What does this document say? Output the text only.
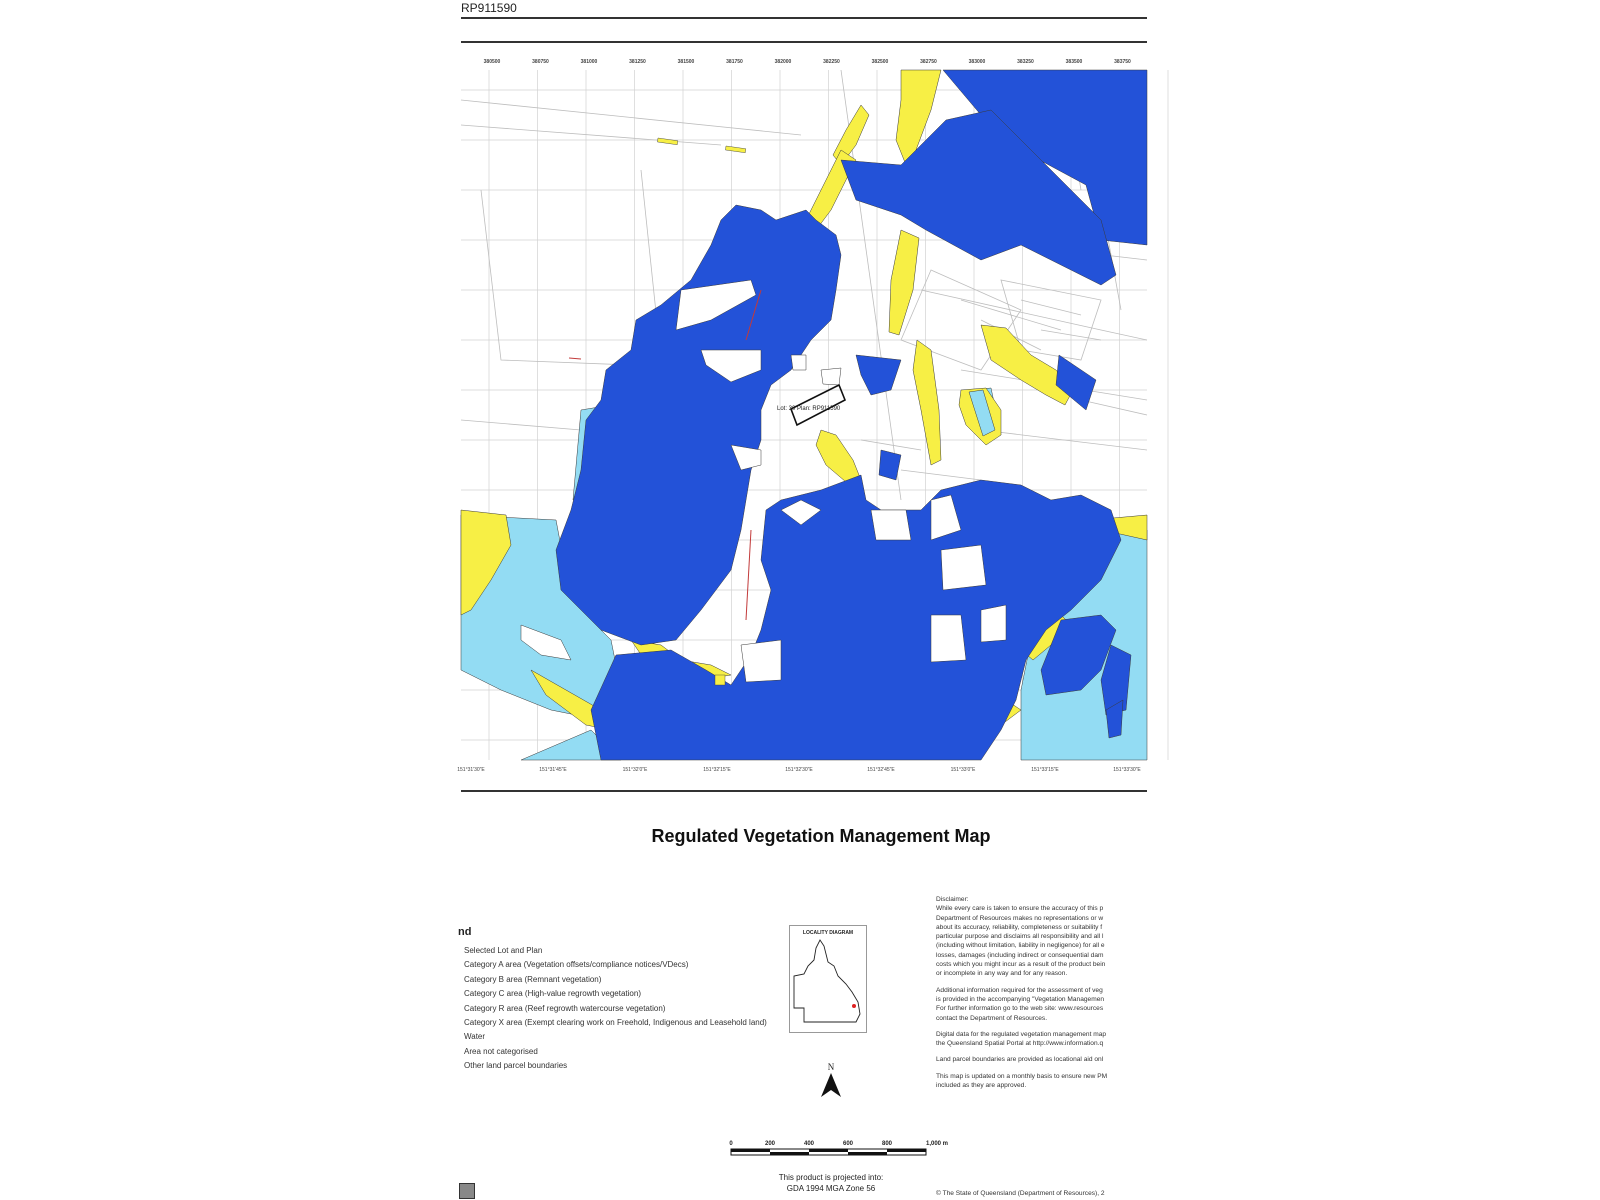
RP911590
380500	380750	381000	381250	381500	381750	382000	382250	382500	382750	383000	383250	383500	383750
Lot: 30 Plan: RP911590
151°31'30"E	151°31'45"E	151°32'0"E	151°32'15"E	151°32'30"E	151°32'45"E	151°33'0"E	151°33'15"E	151°33'30"E
Regulated Vegetation Management Map
nd
Selected Lot and Plan
Category A area (Vegetation offsets/compliance notices/VDecs)
Category B area (Remnant vegetation)
Category C area (High-value regrowth vegetation)
Category R area (Reef regrowth watercourse vegetation)
Category X area (Exempt clearing work on Freehold, Indigenous and Leasehold land)
Water
Area not categorised
Other land parcel boundaries
LOCALITY DIAGRAM
N
0	200	400	600	800	1,000 m
This product is projected into:
GDA 1994 MGA Zone 56

Disclaimer:
While every care is taken to ensure the accuracy of this p
Department of Resources makes no representations or w
about its accuracy, reliability, completeness or suitability f
particular purpose and disclaims all responsibility and all l
(including without limitation, liability in negligence) for all e
losses, damages (including indirect or consequential dam
costs which you might incur as a result of the product bein
or incomplete in any way and for any reason.

Additional information required for the assessment of veg
is provided in the accompanying "Vegetation Managemen
For further information go to the web site: www.resources
contact the Department of Resources.

Digital data for the regulated vegetation management map
the Queensland Spatial Portal at http://www.information.q

Land parcel boundaries are provided as locational aid onl

This map is updated on a monthly basis to ensure new PM
included as they are approved.

© The State of Queensland (Department of Resources), 2
